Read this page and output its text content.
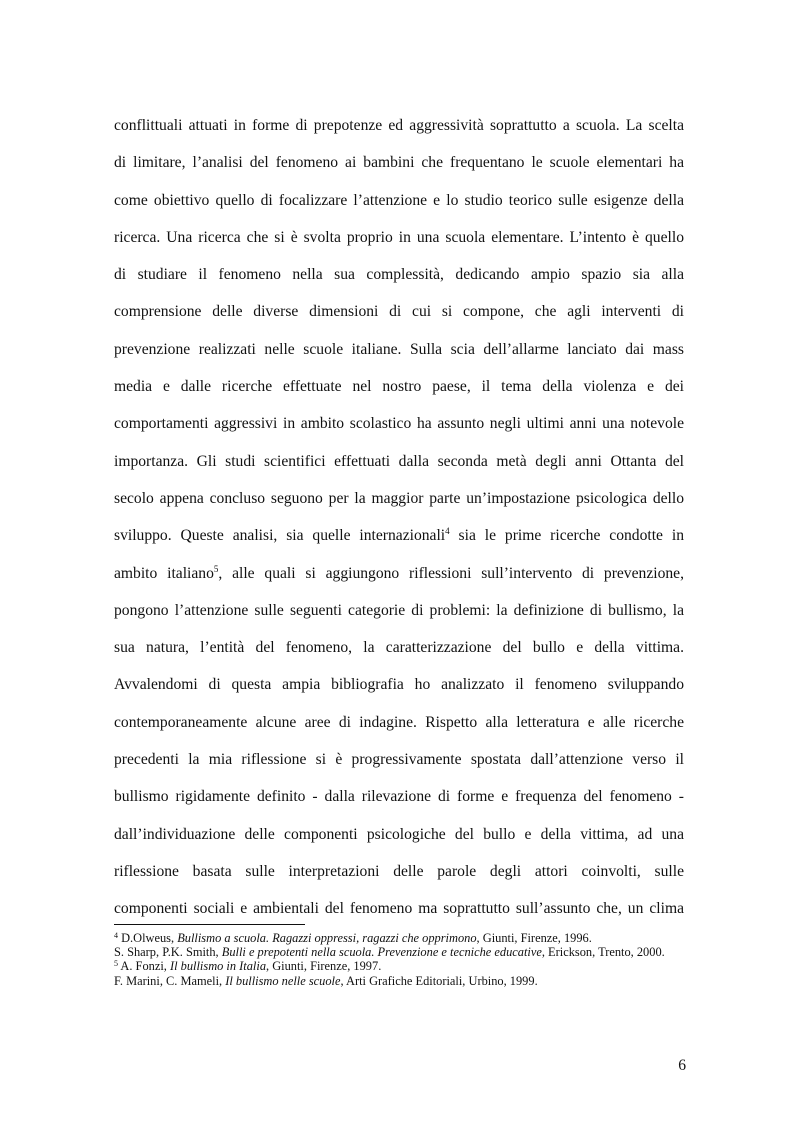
conflittuali attuati in forme di prepotenze ed aggressività soprattutto a scuola. La scelta
di limitare, l’analisi del fenomeno ai bambini che frequentano le scuole elementari ha
come obiettivo quello di focalizzare l’attenzione e lo studio teorico sulle esigenze della
ricerca. Una ricerca che si è svolta proprio in una scuola elementare. L’intento è quello
di studiare il fenomeno nella sua complessità, dedicando ampio spazio sia alla
comprensione delle diverse dimensioni di cui si compone, che agli interventi di
prevenzione realizzati nelle scuole italiane. Sulla scia dell’allarme lanciato dai mass
media e dalle ricerche effettuate nel nostro paese, il tema della violenza e dei
comportamenti aggressivi in ambito scolastico ha assunto negli ultimi anni una notevole
importanza. Gli studi scientifici effettuati dalla seconda metà degli anni Ottanta del
secolo appena concluso seguono per la maggior parte un’impostazione psicologica dello
sviluppo. Queste analisi, sia quelle internazionali$^4$ sia le prime ricerche condotte in
ambito italiano$^5$, alle quali si aggiungono riflessioni sull’intervento di prevenzione,
pongono l’attenzione sulle seguenti categorie di problemi: la definizione di bullismo, la
sua natura, l’entità del fenomeno, la caratterizzazione del bullo e della vittima.
Avvalendomi di questa ampia bibliografia ho analizzato il fenomeno sviluppando
contemporaneamente alcune aree di indagine. Rispetto alla letteratura e alle ricerche
precedenti la mia riflessione si è progressivamente spostata dall’attenzione verso il
bullismo rigidamente definito - dalla rilevazione di forme e frequenza del fenomeno -
dall’individuazione delle componenti psicologiche del bullo e della vittima, ad una
riflessione basata sulle interpretazioni delle parole degli attori coinvolti, sulle
componenti sociali e ambientali del fenomeno ma soprattutto sull’assunto che, un clima

$^4$ D.Olweus, Bullismo a scuola. Ragazzi oppressi, ragazzi che opprimono, Giunti, Firenze, 1996.

S. Sharp, P.K. Smith, Bulli e prepotenti nella scuola. Prevenzione e tecniche educative, Erickson, Trento, 2000.

$^5$ A. Fonzi, Il bullismo in Italia, Giunti, Firenze, 1997.

F. Marini, C. Mameli, Il bullismo nelle scuole, Arti Grafiche Editoriali, Urbino, 1999.

6
